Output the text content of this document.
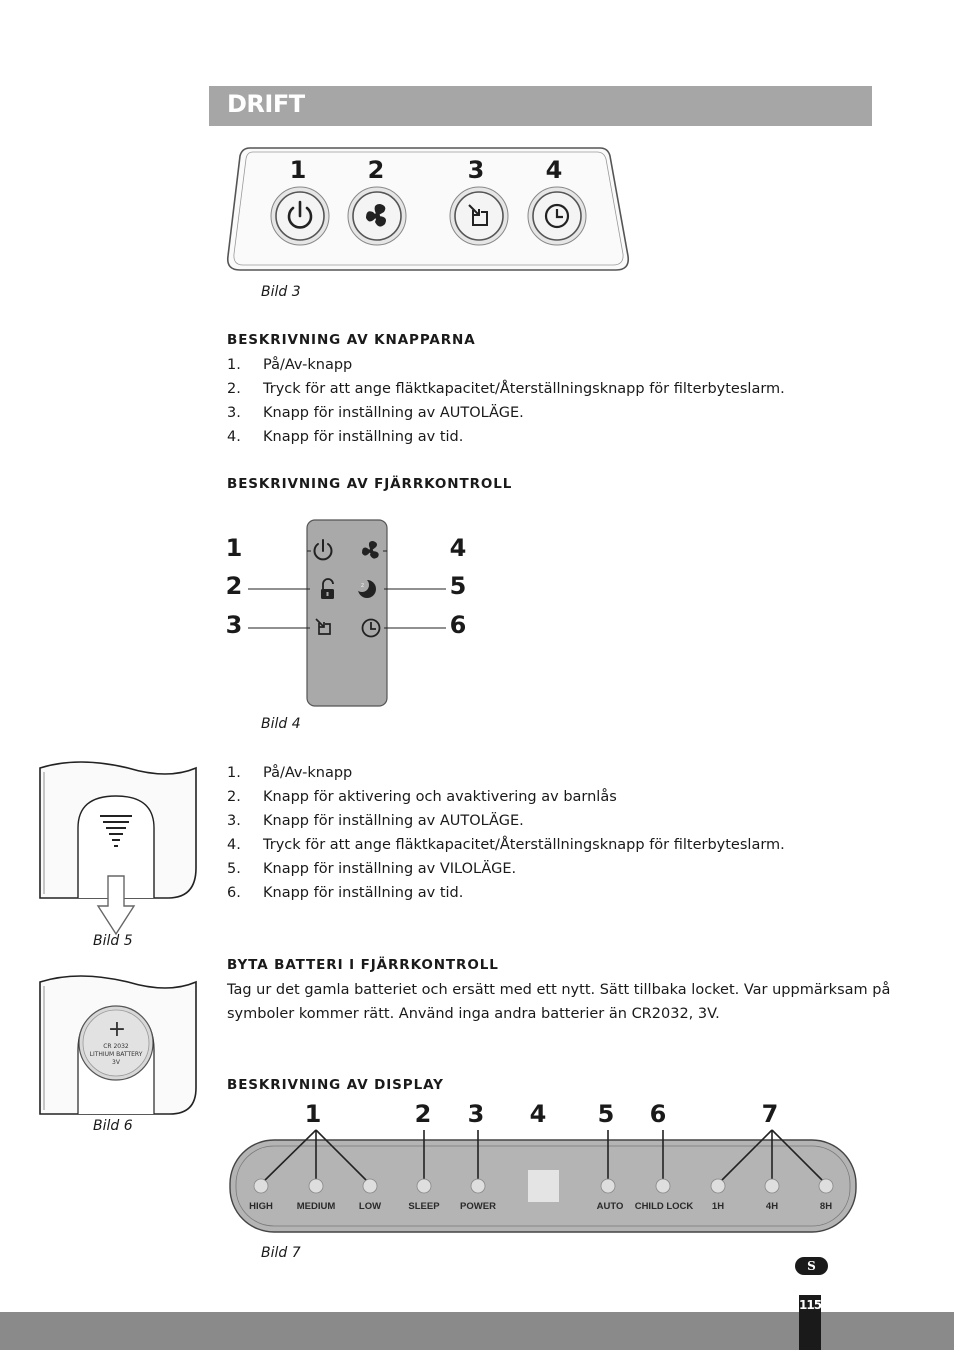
DRIFT
1	2	3	4
Bild 3
BESKRIVNING AV KNAPPARNA
1. På/Av-knapp
2. Tryck för att ange fläktkapacitet/Återställningsknapp för filterbyteslarm.
3. Knapp för inställning av AUTOLÄGE.
4. Knapp för inställning av tid.
BESKRIVNING AV FJÄRRKONTROLL
z
1
2
3
4
5
6
Bild 4
1. På/Av-knapp
2. Knapp för aktivering och avaktivering av barnlås
3. Knapp för inställning av AUTOLÄGE.
4. Tryck för att ange fläktkapacitet/Återställningsknapp för filterbyteslarm.
5. Knapp för inställning av VILOLÄGE.
6. Knapp för inställning av tid.
Bild 5
BYTA BATTERI I FJÄRRKONTROLL
Tag ur det gamla batteriet och ersätt med ett nytt. Sätt tillbaka locket. Var uppmärksam på
symboler kommer rätt. Använd inga andra batterier än CR2032, 3V.
+
CR 2032
LITHIUM BATTERY
3V
Bild 6
BESKRIVNING AV DISPLAY
1	2 3 4 5 6	7
HIGH	MEDIUM LOW	SLEEP POWER	AUTO CHILD LOCK 1H	4H	8H
Bild 7
S
115
